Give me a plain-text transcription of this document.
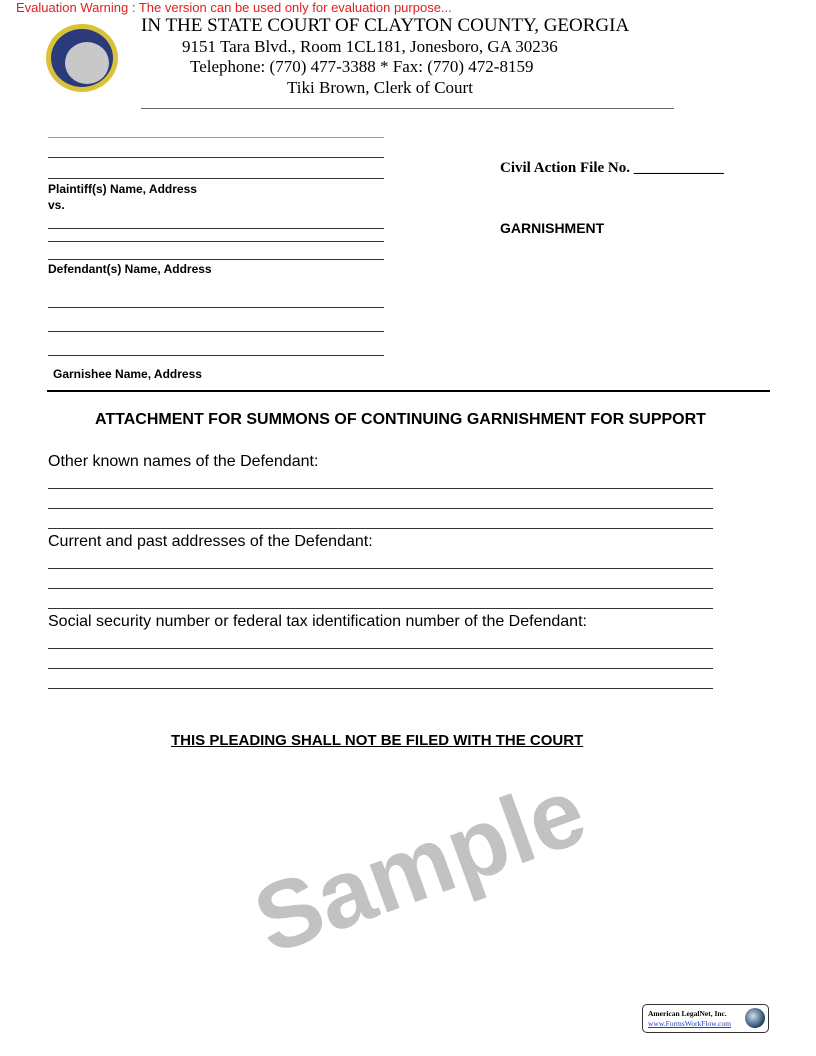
Evaluation Warning : The version can be used only for evaluation purpose...
IN THE STATE COURT OF CLAYTON COUNTY, GEORGIA
9151 Tara Blvd., Room 1CL181, Jonesboro, GA 30236
Telephone: (770) 477-3388 * Fax: (770) 472-8159
Tiki Brown, Clerk of Court
Plaintiff(s) Name, Address
vs.
Defendant(s) Name, Address
Garnishee Name, Address
Civil Action File No. ____________
GARNISHMENT
ATTACHMENT FOR SUMMONS OF CONTINUING GARNISHMENT FOR SUPPORT
Other known names of the Defendant:
Current and past addresses of the Defendant:
Social security number or federal tax identification number of the Defendant:
THIS PLEADING SHALL NOT BE FILED WITH THE COURT
Sample
American LegalNet, Inc.
www.FormsWorkFlow.com
